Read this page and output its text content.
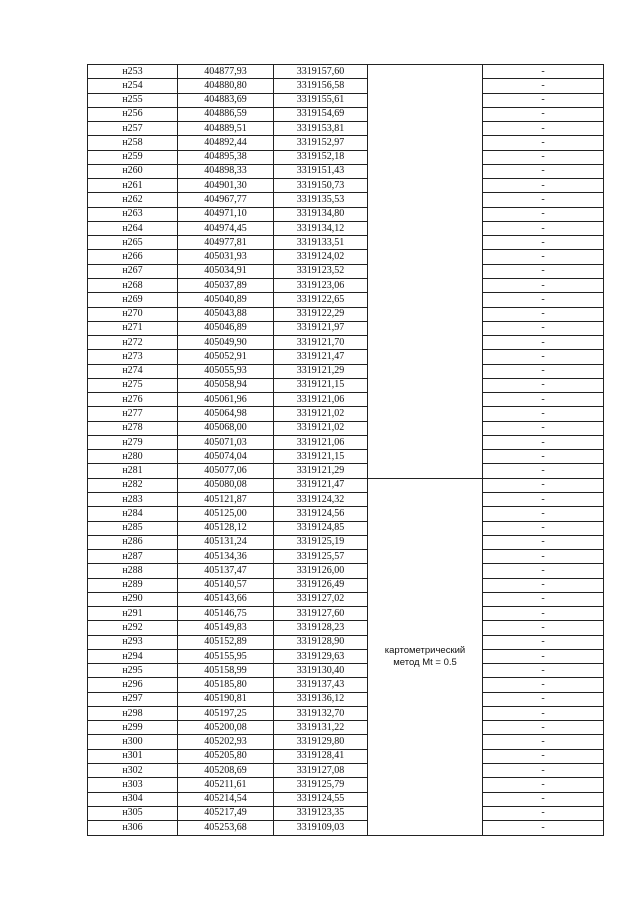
н253	404877,93	3319157,60		-
н254	404880,80	3319156,58		-
н255	404883,69	3319155,61		-
н256	404886,59	3319154,69		-
н257	404889,51	3319153,81		-
н258	404892,44	3319152,97		-
н259	404895,38	3319152,18		-
н260	404898,33	3319151,43		-
н261	404901,30	3319150,73		-
н262	404967,77	3319135,53		-
н263	404971,10	3319134,80		-
н264	404974,45	3319134,12		-
н265	404977,81	3319133,51		-
н266	405031,93	3319124,02		-
н267	405034,91	3319123,52		-
н268	405037,89	3319123,06		-
н269	405040,89	3319122,65		-
н270	405043,88	3319122,29		-
н271	405046,89	3319121,97		-
н272	405049,90	3319121,70		-
н273	405052,91	3319121,47		-
н274	405055,93	3319121,29		-
н275	405058,94	3319121,15		-
н276	405061,96	3319121,06		-
н277	405064,98	3319121,02		-
н278	405068,00	3319121,02		-
н279	405071,03	3319121,06		-
н280	405074,04	3319121,15		-
н281	405077,06	3319121,29		-
н282	405080,08	3319121,47	картометрический метод Mt = 0.5	-
н283	405121,87	3319124,32		-
н284	405125,00	3319124,56		-
н285	405128,12	3319124,85		-
н286	405131,24	3319125,19		-
н287	405134,36	3319125,57		-
н288	405137,47	3319126,00		-
н289	405140,57	3319126,49		-
н290	405143,66	3319127,02		-
н291	405146,75	3319127,60		-
н292	405149,83	3319128,23		-
н293	405152,89	3319128,90		-
н294	405155,95	3319129,63		-
н295	405158,99	3319130,40		-
н296	405185,80	3319137,43		-
н297	405190,81	3319136,12		-
н298	405197,25	3319132,70		-
н299	405200,08	3319131,22		-
н300	405202,93	3319129,80		-
н301	405205,80	3319128,41		-
н302	405208,69	3319127,08		-
н303	405211,61	3319125,79		-
н304	405214,54	3319124,55		-
н305	405217,49	3319123,35		-
н306	405253,68	3319109,03		-
